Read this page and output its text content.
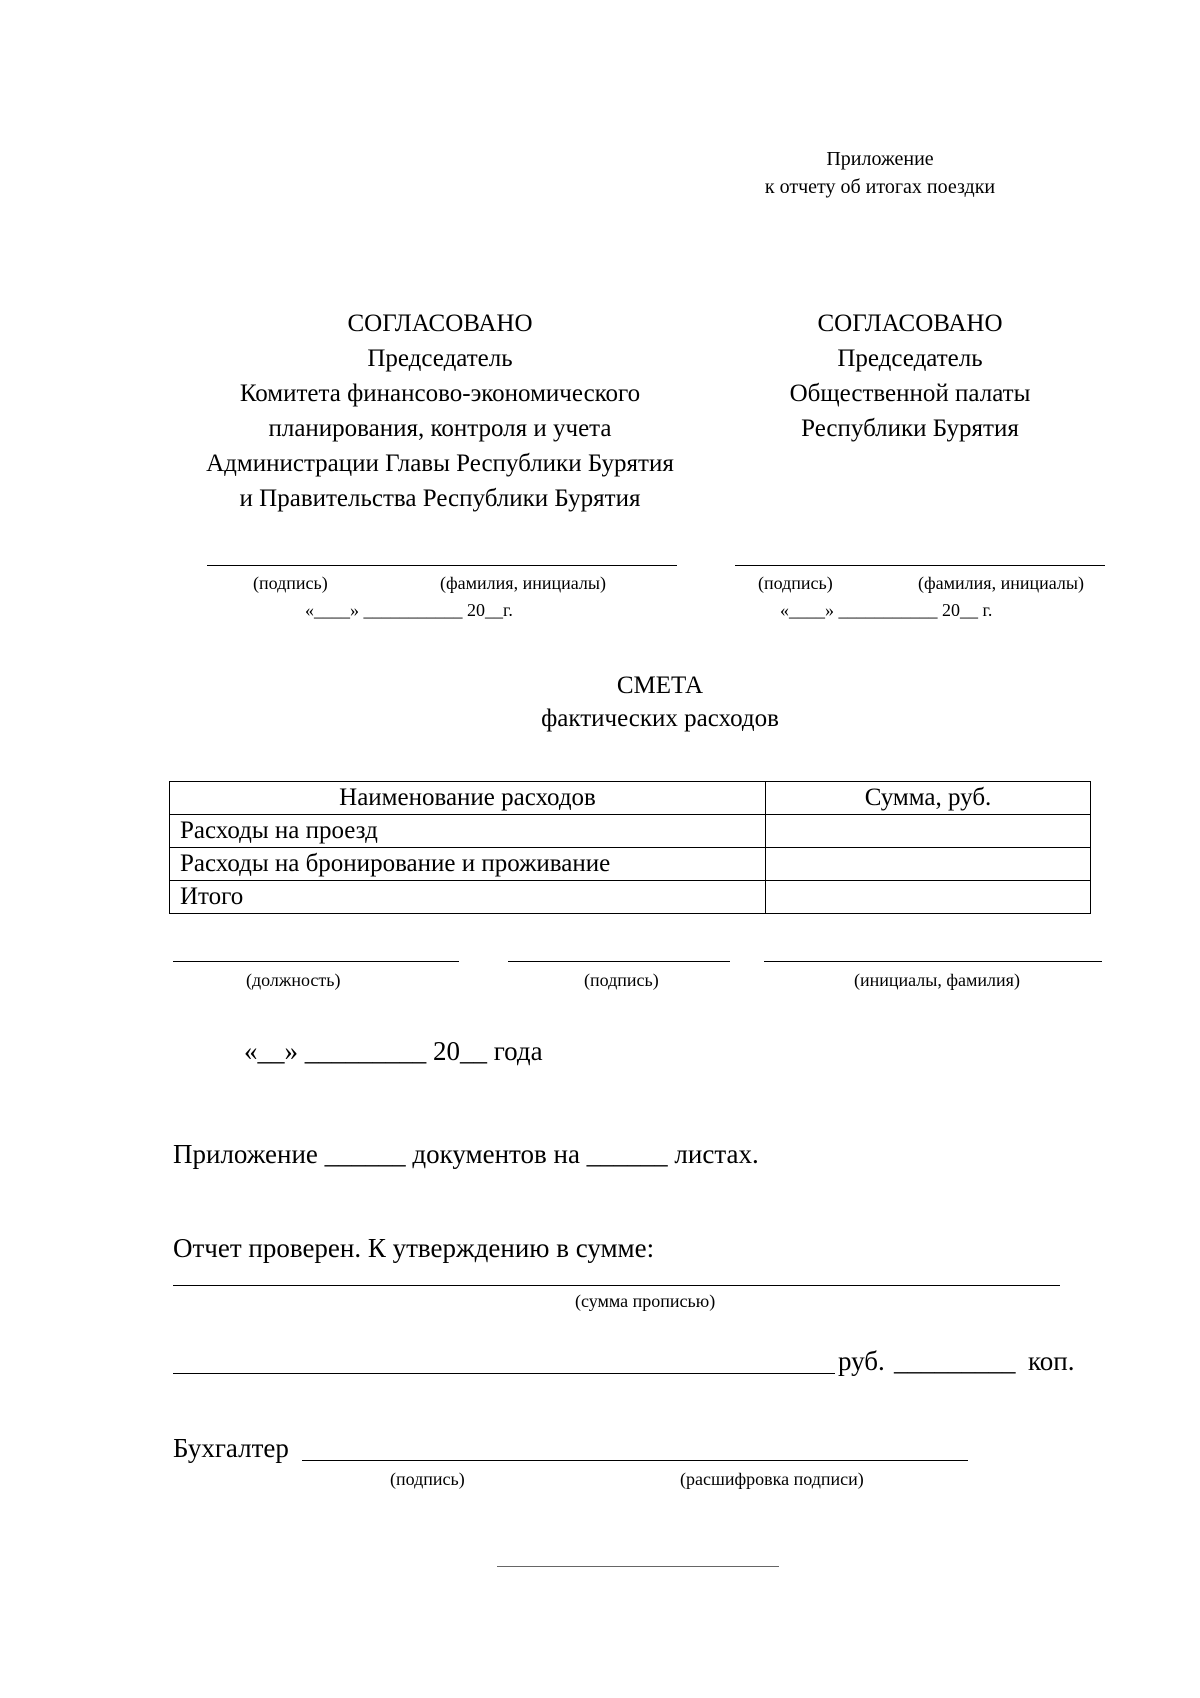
Приложение
к отчету об итогах поездки
СОГЛАСОВАНО
Председатель
Комитета финансово-экономического
планирования, контроля и учета
Администрации Главы Республики Бурятия
и Правительства Республики Бурятия
СОГЛАСОВАНО
Председатель
Общественной палаты
Республики Бурятия
(подпись)	(фамилия, инициалы)
«____» ___________ 20__г.
(подпись)	(фамилия, инициалы)
«____» ___________ 20__ г.
СМЕТА
фактических расходов
Наименование расходов	Сумма, руб.
Расходы на проезд	
Расходы на бронирование и проживание	
Итого	
(должность)	(подпись)	(инициалы, фамилия)
«__» _________ 20__ года
Приложение ______ документов на ______ листах.
Отчет проверен. К утверждению в сумме:
(сумма прописью)
руб. _________ коп.
Бухгалтер
(подпись)	(расшифровка подписи)
